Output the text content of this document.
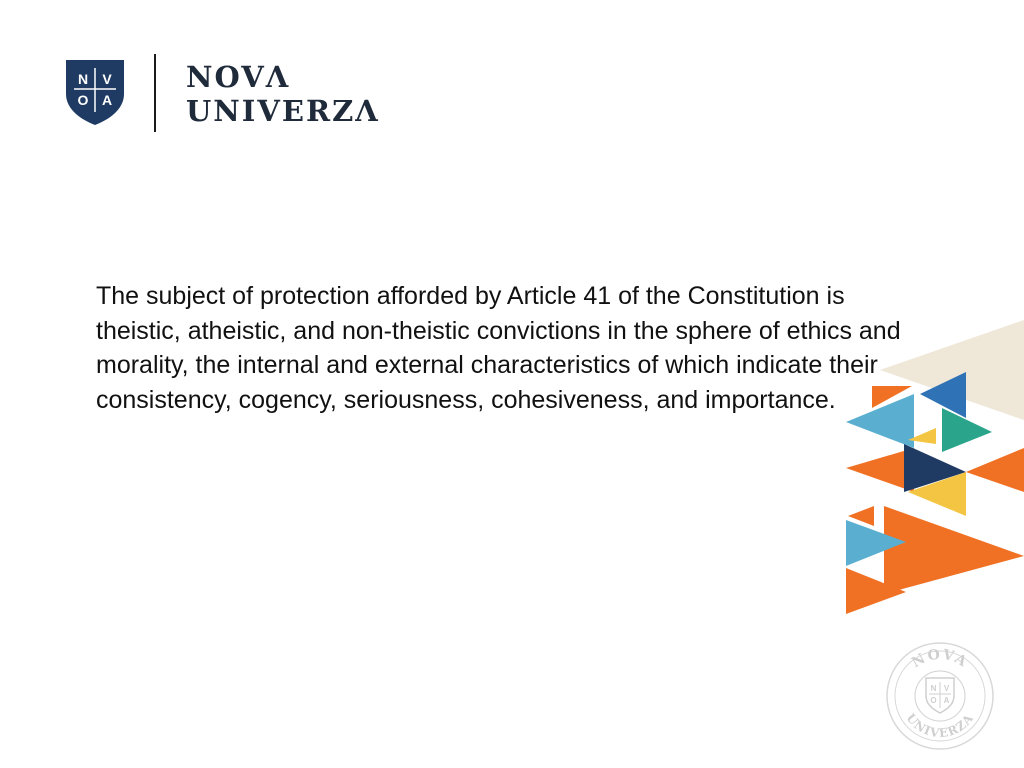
N V
O A
NOVΛ
UNIVERZΛ

The subject of protection afforded by Article 41 of the Constitution is theistic, atheistic, and non-theistic convictions in the sphere of ethics and morality, the internal and external characteristics of which indicate their consistency, cogency, seriousness, cohesiveness, and importance.

NOVA
UNIVERZA
N V
O A
